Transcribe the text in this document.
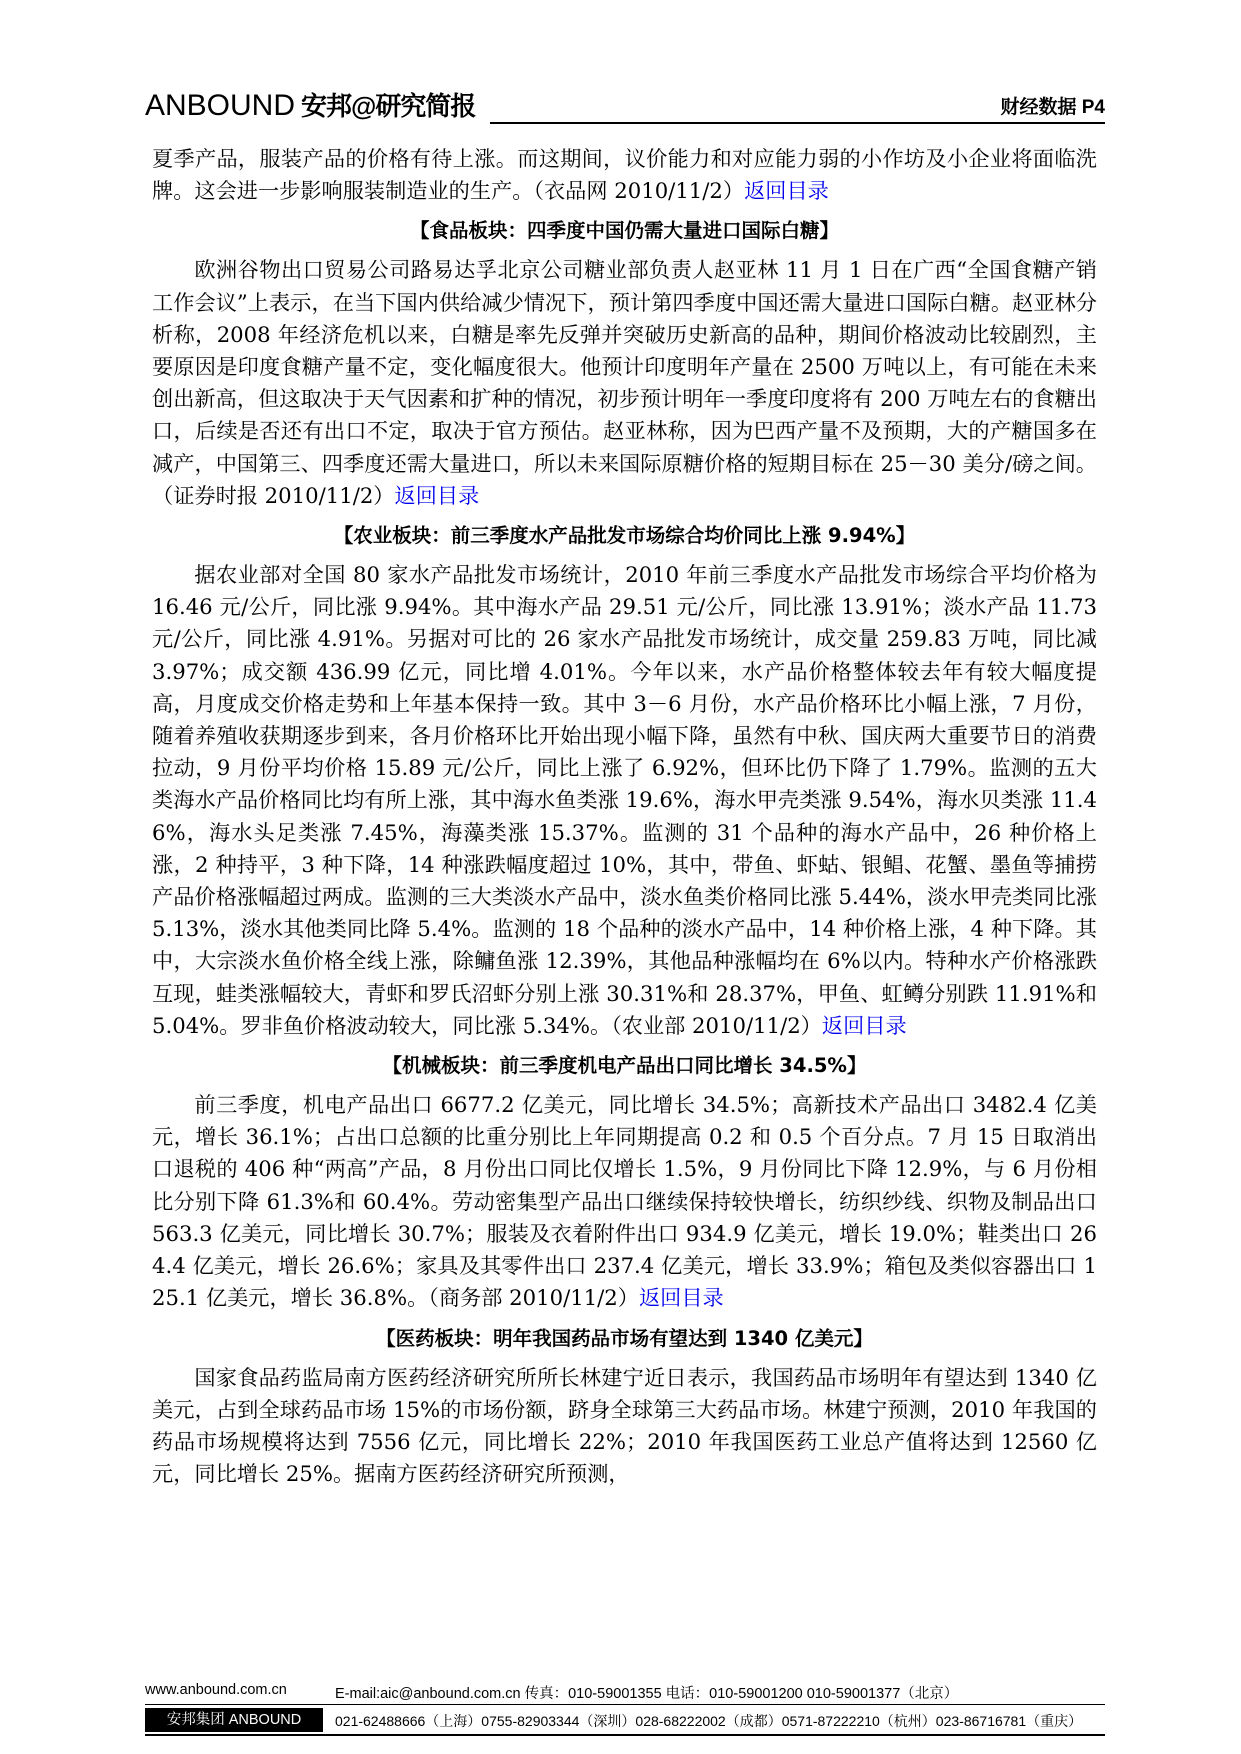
ANBOUND 安邦@研究简报	财经数据 P4

夏季产品，服装产品的价格有待上涨。而这期间，议价能力和对应能力弱的小作坊及小企业将面临洗牌。这会进一步影响服装制造业的生产。（衣品网 2010/11/2）返回目录

【食品板块：四季度中国仍需大量进口国际白糖】

欧洲谷物出口贸易公司路易达孚北京公司糖业部负责人赵亚林 11 月 1 日在广西“全国食糖产销工作会议”上表示，在当下国内供给减少情况下，预计第四季度中国还需大量进口国际白糖。赵亚林分析称，2008 年经济危机以来，白糖是率先反弹并突破历史新高的品种，期间价格波动比较剧烈，主要原因是印度食糖产量不定，变化幅度很大。他预计印度明年产量在 2500 万吨以上，有可能在未来创出新高，但这取决于天气因素和扩种的情况，初步预计明年一季度印度将有 200 万吨左右的食糖出口，后续是否还有出口不定，取决于官方预估。赵亚林称，因为巴西产量不及预期，大的产糖国多在减产，中国第三、四季度还需大量进口，所以未来国际原糖价格的短期目标在 25－30 美分/磅之间。（证券时报 2010/11/2）返回目录

【农业板块：前三季度水产品批发市场综合均价同比上涨 9.94%】

据农业部对全国 80 家水产品批发市场统计，2010 年前三季度水产品批发市场综合平均价格为 16.46 元/公斤，同比涨 9.94%。其中海水产品 29.51 元/公斤，同比涨 13.91%；淡水产品 11.73 元/公斤，同比涨 4.91%。另据对可比的 26 家水产品批发市场统计，成交量 259.83 万吨，同比减 3.97%；成交额 436.99 亿元，同比增 4.01%。今年以来，水产品价格整体较去年有较大幅度提高，月度成交价格走势和上年基本保持一致。其中 3－6 月份，水产品价格环比小幅上涨，7 月份，随着养殖收获期逐步到来，各月价格环比开始出现小幅下降，虽然有中秋、国庆两大重要节日的消费拉动，9 月份平均价格 15.89 元/公斤，同比上涨了 6.92%，但环比仍下降了 1.79%。监测的五大类海水产品价格同比均有所上涨，其中海水鱼类涨 19.6%，海水甲壳类涨 9.54%，海水贝类涨 11.46%，海水头足类涨 7.45%，海藻类涨 15.37%。监测的 31 个品种的海水产品中，26 种价格上涨，2 种持平，3 种下降，14 种涨跌幅度超过 10%，其中，带鱼、虾蛄、银鲳、花蟹、墨鱼等捕捞产品价格涨幅超过两成。监测的三大类淡水产品中，淡水鱼类价格同比涨 5.44%，淡水甲壳类同比涨 5.13%，淡水其他类同比降 5.4%。监测的 18 个品种的淡水产品中，14 种价格上涨，4 种下降。其中，大宗淡水鱼价格全线上涨，除鳙鱼涨 12.39%，其他品种涨幅均在 6%以内。特种水产价格涨跌互现，蛙类涨幅较大，青虾和罗氏沼虾分别上涨 30.31%和 28.37%，甲鱼、虹鳟分别跌 11.91%和 5.04%。罗非鱼价格波动较大，同比涨 5.34%。（农业部 2010/11/2）返回目录

【机械板块：前三季度机电产品出口同比增长 34.5%】

前三季度，机电产品出口 6677.2 亿美元，同比增长 34.5%；高新技术产品出口 3482.4 亿美元，增长 36.1%；占出口总额的比重分别比上年同期提高 0.2 和 0.5 个百分点。7 月 15 日取消出口退税的 406 种“两高”产品，8 月份出口同比仅增长 1.5%，9 月份同比下降 12.9%，与 6 月份相比分别下降 61.3%和 60.4%。劳动密集型产品出口继续保持较快增长，纺织纱线、织物及制品出口 563.3 亿美元，同比增长 30.7%；服装及衣着附件出口 934.9 亿美元，增长 19.0%；鞋类出口 264.4 亿美元，增长 26.6%；家具及其零件出口 237.4 亿美元，增长 33.9%；箱包及类似容器出口 125.1 亿美元，增长 36.8%。（商务部 2010/11/2）返回目录

【医药板块：明年我国药品市场有望达到 1340 亿美元】

国家食品药监局南方医药经济研究所所长林建宁近日表示，我国药品市场明年有望达到 1340 亿美元，占到全球药品市场 15%的市场份额，跻身全球第三大药品市场。林建宁预测，2010 年我国的药品市场规模将达到 7556 亿元，同比增长 22%；2010 年我国医药工业总产值将达到 12560 亿元，同比增长 25%。据南方医药经济研究所预测，

www.anbound.com.cn	E-mail:aic@anbound.com.cn 传真：010-59001355 电话：010-59001200 010-59001377（北京）
安邦集团 ANBOUND	021-62488666（上海）0755-82903344（深圳）028-68222002（成都）0571-87222210（杭州）023-86716781（重庆）
